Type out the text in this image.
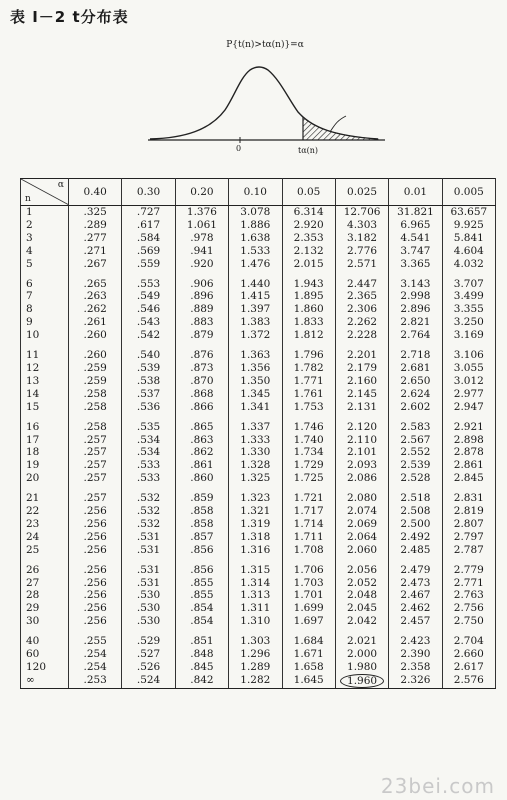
表 I－2 t分布表
P{t(n)>tα(n)}=α
0	tα(n)
α
n	0.40	0.30	0.20	0.10	0.05	0.025	0.01	0.005
1	.325	.727	1.376	3.078	6.314	12.706	31.821	63.657
2	.289	.617	1.061	1.886	2.920	4.303	6.965	9.925
3	.277	.584	.978	1.638	2.353	3.182	4.541	5.841
4	.271	.569	.941	1.533	2.132	2.776	3.747	4.604
5	.267	.559	.920	1.476	2.015	2.571	3.365	4.032
6	.265	.553	.906	1.440	1.943	2.447	3.143	3.707
7	.263	.549	.896	1.415	1.895	2.365	2.998	3.499
8	.262	.546	.889	1.397	1.860	2.306	2.896	3.355
9	.261	.543	.883	1.383	1.833	2.262	2.821	3.250
10	.260	.542	.879	1.372	1.812	2.228	2.764	3.169
11	.260	.540	.876	1.363	1.796	2.201	2.718	3.106
12	.259	.539	.873	1.356	1.782	2.179	2.681	3.055
13	.259	.538	.870	1.350	1.771	2.160	2.650	3.012
14	.258	.537	.868	1.345	1.761	2.145	2.624	2.977
15	.258	.536	.866	1.341	1.753	2.131	2.602	2.947
16	.258	.535	.865	1.337	1.746	2.120	2.583	2.921
17	.257	.534	.863	1.333	1.740	2.110	2.567	2.898
18	.257	.534	.862	1.330	1.734	2.101	2.552	2.878
19	.257	.533	.861	1.328	1.729	2.093	2.539	2.861
20	.257	.533	.860	1.325	1.725	2.086	2.528	2.845
21	.257	.532	.859	1.323	1.721	2.080	2.518	2.831
22	.256	.532	.858	1.321	1.717	2.074	2.508	2.819
23	.256	.532	.858	1.319	1.714	2.069	2.500	2.807
24	.256	.531	.857	1.318	1.711	2.064	2.492	2.797
25	.256	.531	.856	1.316	1.708	2.060	2.485	2.787
26	.256	.531	.856	1.315	1.706	2.056	2.479	2.779
27	.256	.531	.855	1.314	1.703	2.052	2.473	2.771
28	.256	.530	.855	1.313	1.701	2.048	2.467	2.763
29	.256	.530	.854	1.311	1.699	2.045	2.462	2.756
30	.256	.530	.854	1.310	1.697	2.042	2.457	2.750
40	.255	.529	.851	1.303	1.684	2.021	2.423	2.704
60	.254	.527	.848	1.296	1.671	2.000	2.390	2.660
120	.254	.526	.845	1.289	1.658	1.980	2.358	2.617
∞	.253	.524	.842	1.282	1.645	1.960	2.326	2.576
23bei.com
